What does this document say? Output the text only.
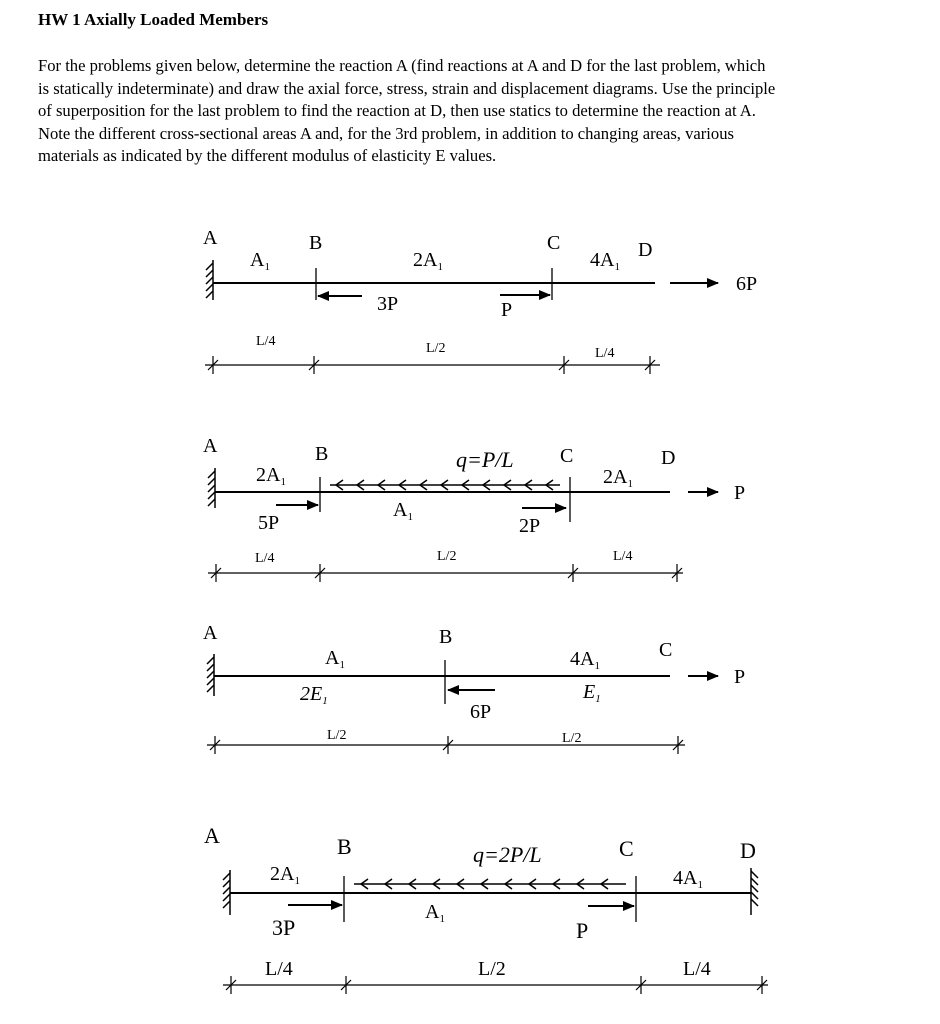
HW 1 Axially Loaded Members
For the problems given below, determine the reaction A (find reactions at A and D for the last problem, which
is statically indeterminate) and draw the axial force, stress, strain and displacement diagrams. Use the principle
of superposition for the last problem to find the reaction at D, then use statics to determine the reaction at A.
Note the different cross-sectional areas A and, for the 3rd problem, in addition to changing areas, various
materials as indicated by the different modulus of elasticity E values.
A	B	C	D
$A_1$	$2A_1$	$4A_1$
3P	P
6P
L/4	L/2	L/4
A	B	C	D
q=P/L
$2A_1$
$A_1$
$2A_1$
5P	2P
P
L/4	L/2	L/4
A	B
C
$A_1$
$2E_1$
$4A_1$
$E_1$
6P
P
L/2	L/2
A	B	C	D
q=2P/L
$2A_1$
$A_1$
$4A_1$
3P	P
L/4	L/2	L/4
